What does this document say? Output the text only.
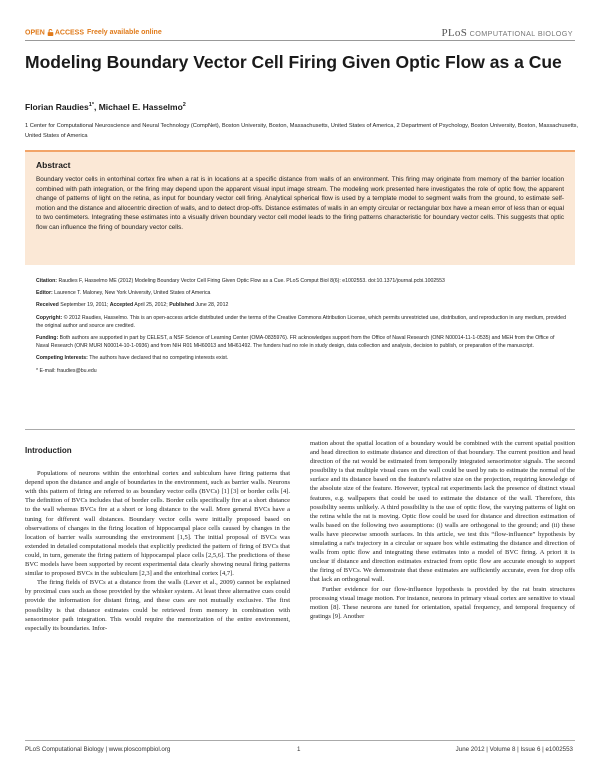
OPEN ACCESS Freely available online	PLoS COMPUTATIONAL BIOLOGY
Modeling Boundary Vector Cell Firing Given Optic Flow as a Cue
Florian Raudies$^{1*}$, Michael E. Hasselmo$^2$
1 Center for Computational Neuroscience and Neural Technology (CompNet), Boston University, Boston, Massachusetts, United States of America, 2 Department of Psychology, Boston University, Boston, Massachusetts, United States of America
Abstract

Boundary vector cells in entorhinal cortex fire when a rat is in locations at a specific distance from walls of an environment. This firing may originate from memory of the barrier location combined with path integration, or the firing may depend upon the apparent visual input image stream. The modeling work presented here investigates the role of optic flow, the apparent change of patterns of light on the retina, as input for boundary vector cell firing. Analytical spherical flow is used by a template model to segment walls from the ground, to estimate self-motion and the distance and allocentric direction of walls, and to detect drop-offs. Distance estimates of walls in an empty circular or rectangular box have a mean error of less than or equal to two centimeters. Integrating these estimates into a visually driven boundary vector cell model leads to the firing patterns characteristic for boundary vector cells. This suggests that optic flow can influence the firing of boundary vector cells.

Citation: Raudies F, Hasselmo ME (2012) Modeling Boundary Vector Cell Firing Given Optic Flow as a Cue. PLoS Comput Biol 8(6): e1002553. doi:10.1371/journal.pcbi.1002553

Editor: Laurence T. Maloney, New York University, United States of America

Received September 19, 2011; Accepted April 25, 2012; Published June 28, 2012

Copyright: © 2012 Raudies, Hasselmo. This is an open-access article distributed under the terms of the Creative Commons Attribution License, which permits unrestricted use, distribution, and reproduction in any medium, provided the original author and source are credited.

Funding: Both authors are supported in part by CELEST, a NSF Science of Learning Center (OMA-0835976). FR acknowledges support from the Office of Naval Research (ONR N00014-11-1-0535) and MEH from the Office of Naval Research (ONR MURI N00014-10-1-0936) and from NIH R01 MH60013 and MH61492. The funders had no role in study design, data collection and analysis, decision to publish, or preparation of the manuscript.

Competing Interests: The authors have declared that no competing interests exist.

* E-mail: fraudies@bu.edu

Introduction

Populations of neurons within the entorhinal cortex and subiculum have firing patterns that depend upon the distance and angle of boundaries in the environment, such as barrier walls. Neurons with this pattern of firing are referred to as boundary vector cells (BVCs) [1] [3] or border cells [4]. The definition of BVCs includes that of border cells. Border cells specifically fire at a short distance to the wall whereas BVCs fire at a short or long distance to the wall. More general BVCs have a tuning for different wall distances. Boundary vector cells were initially proposed based on observations of changes in the firing location of hippocampal place cells caused by changes in the location of barrier walls surrounding the environment [1,5]. The initial proposal of BVCs was extended in detailed computational models that explicitly predicted the pattern of firing of BVCs that could, in turn, generate the firing pattern of hippocampal place cells [2,5,6]. The predictions of these BVC models have been supported by recent experimental data clearly showing neural firing patterns similar to proposed BVCs in the subiculum [2,3] and the entorhinal cortex [4,7].

The firing fields of BVCs at a distance from the walls (Lever et al., 2009) cannot be explained by proximal cues such as those provided by the whisker system. At least three alternative cues could provide the information for distant firing, and these cues are not mutually exclusive. The first possibility is that distance estimates could be retrieved from memory in combination with sensorimotor path integration. This would require the memorization of the entire environment, especially its boundaries. Infor-

mation about the spatial location of a boundary would be combined with the current spatial position and head direction to estimate distance and direction of that boundary. The current position and head direction of the rat would be estimated from temporally integrated sensorimotor signals. The second possibility is that multiple visual cues on the wall could be used by rats to estimate the normal of the surface and its distance based on the feature's relative size on the projection, requiring knowledge of the absolute size of the feature. However, typical rat experiments lack the presence of distinct visual features, e.g. wallpapers that could be used to estimate the distance of the wall. Therefore, this possibility seems unlikely. A third possibility is the use of optic flow, the varying patterns of light on the retina while the rat is moving. Optic flow could be used for distance and direction estimation of walls based on the following two assumptions: (i) walls are orthogonal to the ground; and (ii) these walls have piecewise smooth surfaces. In this article, we test this “flow-influence” hypothesis by simulating a rat's trajectory in a circular or square box while estimating the distance and direction of walls from optic flow and integrating these estimates into a model of BVC firing. A priori it is unclear if distance and direction estimates extracted from optic flow are accurate enough to support the firing of BVCs. We demonstrate that these estimates are sufficiently accurate, even for drop offs that lack an orthogonal wall.

Further evidence for our flow-influence hypothesis is provided by the rat brain structures processing visual image motion. For instance, neurons in primary visual cortex are sensitive to visual motion [8]. These neurons are tuned for orientation, spatial frequency, and temporal frequency of gratings [9]. Another

PLoS Computational Biology | www.ploscompbiol.org	1	June 2012 | Volume 8 | Issue 6 | e1002553
